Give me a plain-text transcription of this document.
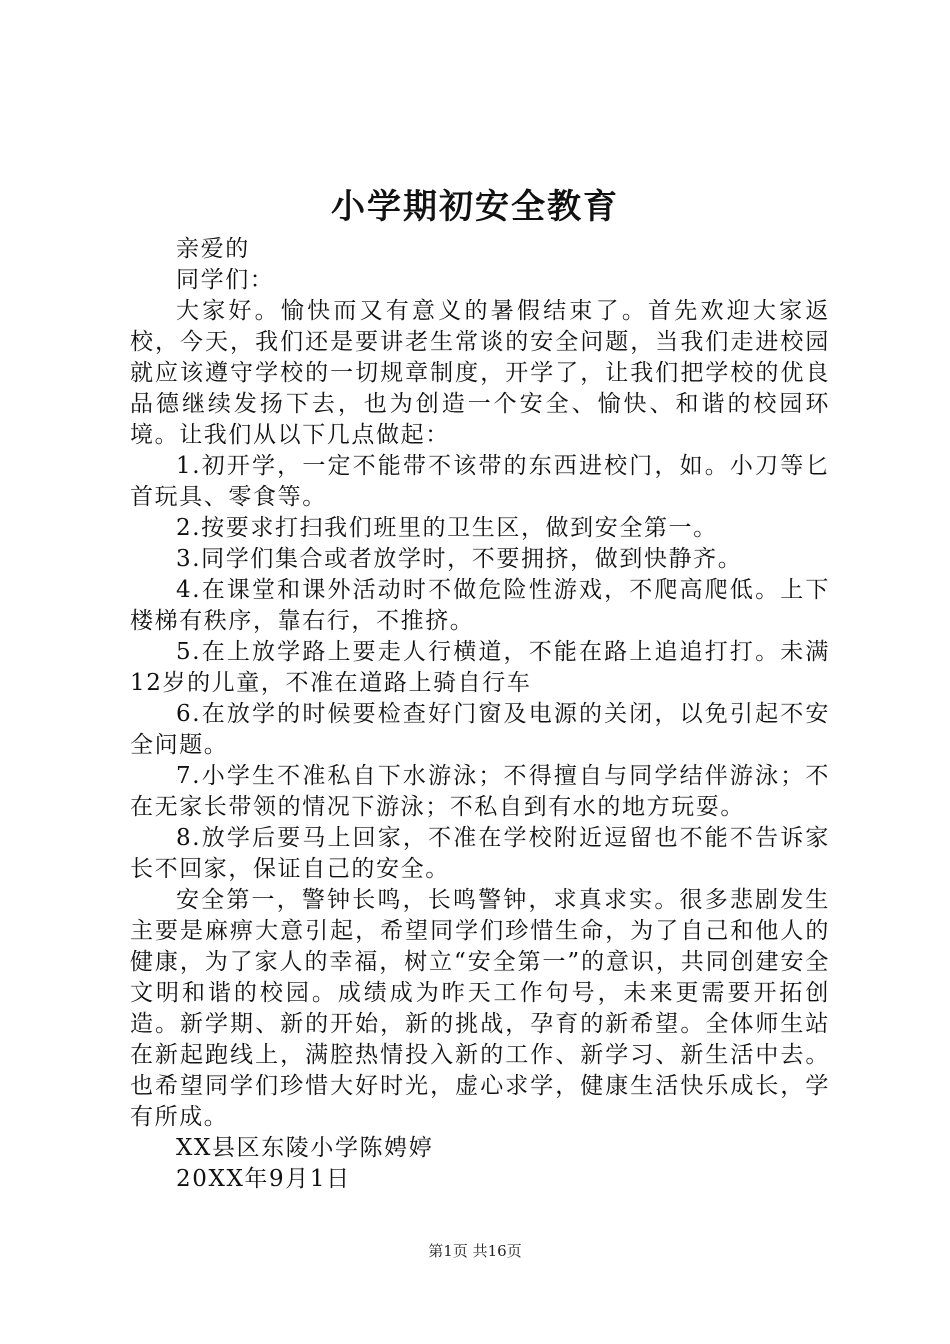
小学期初安全教育

亲爱的

同学们：

大家好。愉快而又有意义的暑假结束了。首先欢迎大家返校，今天，我们还是要讲老生常谈的安全问题，当我们走进校园就应该遵守学校的一切规章制度，开学了，让我们把学校的优良品德继续发扬下去，也为创造一个安全、愉快、和谐的校园环境。让我们从以下几点做起：

1.初开学，一定不能带不该带的东西进校门，如。小刀等匕首玩具、零食等。

2.按要求打扫我们班里的卫生区，做到安全第一。

3.同学们集合或者放学时，不要拥挤，做到快静齐。

4.在课堂和课外活动时不做危险性游戏，不爬高爬低。上下楼梯有秩序，靠右行，不推挤。

5.在上放学路上要走人行横道，不能在路上追追打打。未满12岁的儿童，不准在道路上骑自行车

6.在放学的时候要检查好门窗及电源的关闭，以免引起不安全问题。

7.小学生不准私自下水游泳；不得擅自与同学结伴游泳；不在无家长带领的情况下游泳；不私自到有水的地方玩耍。

8.放学后要马上回家，不准在学校附近逗留也不能不告诉家长不回家，保证自己的安全。

安全第一，警钟长鸣，长鸣警钟，求真求实。很多悲剧发生主要是麻痹大意引起，希望同学们珍惜生命，为了自己和他人的健康，为了家人的幸福，树立“安全第一”的意识，共同创建安全文明和谐的校园。成绩成为昨天工作句号，未来更需要开拓创造。新学期、新的开始，新的挑战，孕育的新希望。全体师生站在新起跑线上，满腔热情投入新的工作、新学习、新生活中去。也希望同学们珍惜大好时光，虚心求学，健康生活快乐成长，学有所成。

XX县区东陵小学陈娉婷

20XX年9月1日

第1页 共16页
